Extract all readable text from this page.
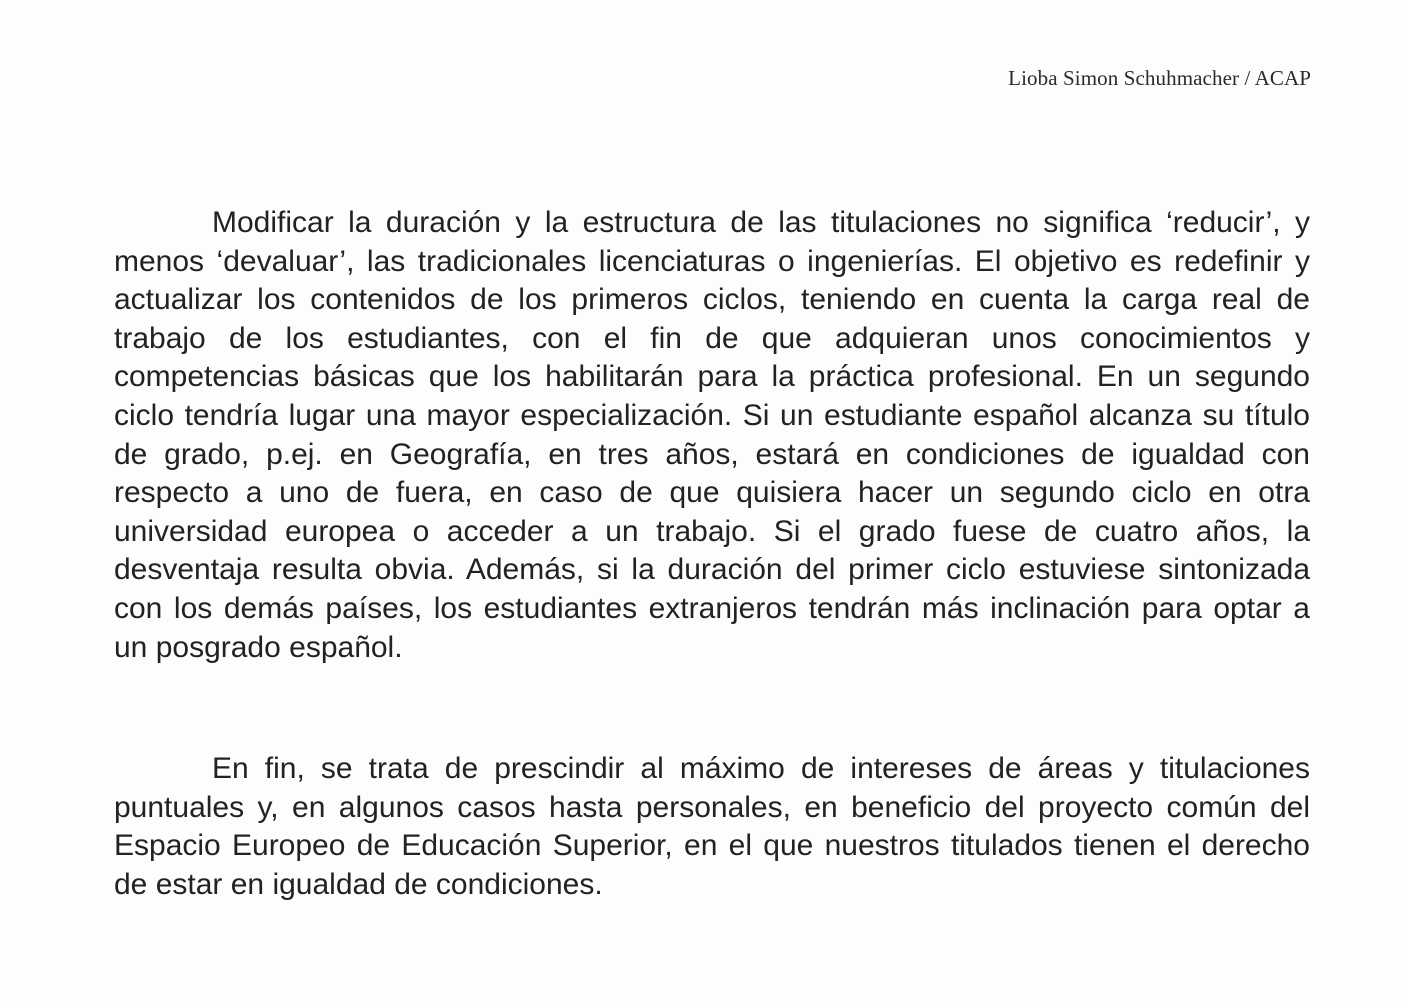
Lioba Simon Schuhmacher / ACAP

Modificar la duración y la estructura de las titulaciones no significa ‘reducir’, y menos ‘devaluar’, las tradicionales licenciaturas o ingenierías. El objetivo es redefinir y actualizar los contenidos de los primeros ciclos, teniendo en cuenta la carga real de trabajo de los estudiantes, con el fin de que adquieran unos conocimientos y competencias básicas que los habilitarán para la práctica profesional. En un segundo ciclo tendría lugar una mayor especialización. Si un estudiante español alcanza su título de grado, p.ej. en Geografía, en tres años, estará en condiciones de igualdad con respecto a uno de fuera, en caso de que quisiera hacer un segundo ciclo en otra universidad europea o acceder a un trabajo. Si el grado fuese de cuatro años, la desventaja resulta obvia. Además, si la duración del primer ciclo estuviese sintonizada con los demás países, los estudiantes extranjeros tendrán más inclinación para optar a un posgrado español.

En fin, se trata de prescindir al máximo de intereses de áreas y titulaciones puntuales y, en algunos casos hasta personales, en beneficio del proyecto común del Espacio Europeo de Educación Superior, en el que nuestros titulados tienen el derecho de estar en igualdad de condiciones.
